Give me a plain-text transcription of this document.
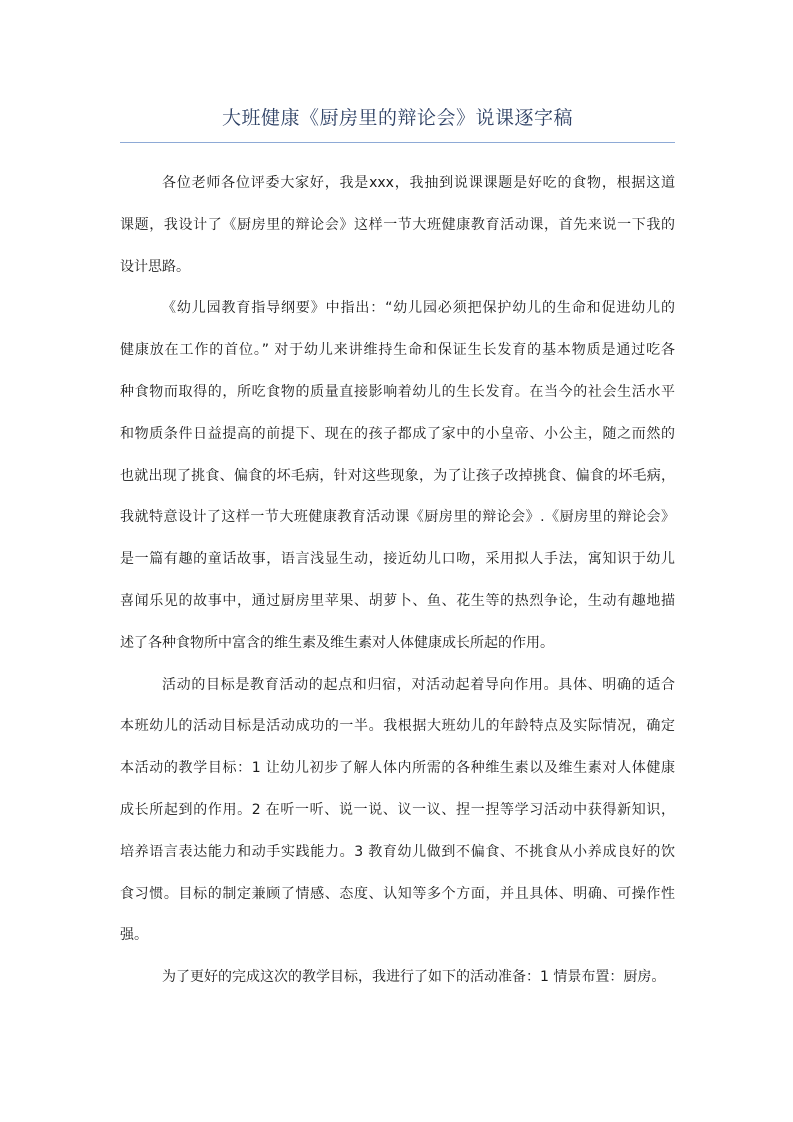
大班健康《厨房里的辩论会》说课逐字稿

各位老师各位评委大家好，我是xxx，我抽到说课课题是好吃的食物，根据这道
课题，我设计了《厨房里的辩论会》这样一节大班健康教育活动课，首先来说一下我的
设计思路。

《幼儿园教育指导纲要》中指出：“幼儿园必须把保护幼儿的生命和促进幼儿的
健康放在工作的首位。” 对于幼儿来讲维持生命和保证生长发育的基本物质是通过吃各
种食物而取得的，所吃食物的质量直接影响着幼儿的生长发育。在当今的社会生活水平
和物质条件日益提高的前提下、现在的孩子都成了家中的小皇帝、小公主，随之而然的
也就出现了挑食、偏食的坏毛病，针对这些现象，为了让孩子改掉挑食、偏食的坏毛病，
我就特意设计了这样一节大班健康教育活动课《厨房里的辩论会》.《厨房里的辩论会》
是一篇有趣的童话故事，语言浅显生动，接近幼儿口吻，采用拟人手法，寓知识于幼儿
喜闻乐见的故事中，通过厨房里苹果、胡萝卜、鱼、花生等的热烈争论，生动有趣地描
述了各种食物所中富含的维生素及维生素对人体健康成长所起的作用。

活动的目标是教育活动的起点和归宿，对活动起着导向作用。具体、明确的适合
本班幼儿的活动目标是活动成功的一半。我根据大班幼儿的年龄特点及实际情况，确定
本活动的教学目标：1 让幼儿初步了解人体内所需的各种维生素以及维生素对人体健康
成长所起到的作用。2 在听一听、说一说、议一议、捏一捏等学习活动中获得新知识，
培养语言表达能力和动手实践能力。3 教育幼儿做到不偏食、不挑食从小养成良好的饮
食习惯。目标的制定兼顾了情感、态度、认知等多个方面，并且具体、明确、可操作性
强。

为了更好的完成这次的教学目标，我进行了如下的活动准备：1 情景布置：厨房。
